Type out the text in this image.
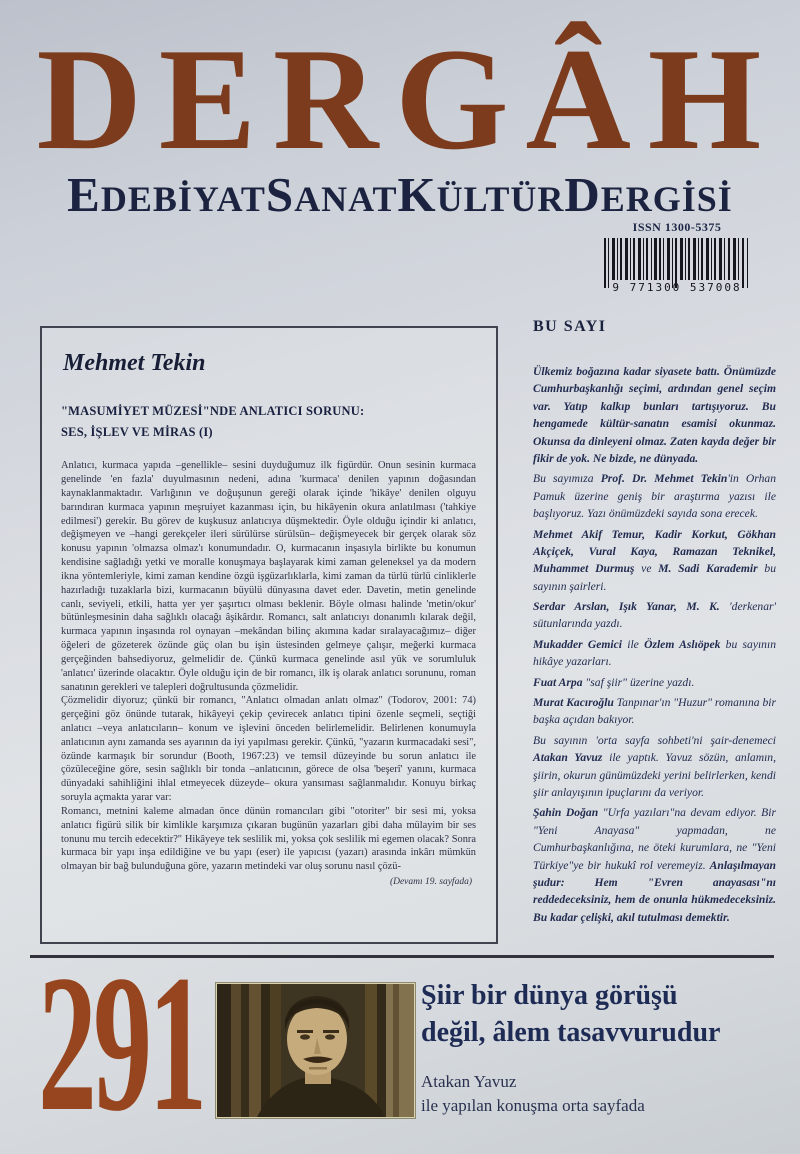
DERGÂH
EDEBİYATSANATKÜLTÜRDERGİSİ
ISSN 1300-5375
9 771300 537008
Mehmet Tekin
"MASUMİYET MÜZESİ"NDE ANLATICI SORUNU:
SES, İŞLEV VE MİRAS (I)

Anlatıcı, kurmaca yapıda –genellikle– sesini duyduğumuz ilk figürdür. Onun sesinin kurmaca genelinde 'en fazla' duyulmasının nedeni, adına 'kurmaca' denilen yapının doğasından kaynaklanmaktadır. Varlığının ve doğuşunun gereği olarak içinde 'hikâye' denilen olguyu barındıran kurmaca yapının meşruiyet kazanması için, bu hikâyenin okura anlatılması ('tahkiye edilmesi') gerekir. Bu görev de kuşkusuz anlatıcıya düşmektedir. Öyle olduğu içindir ki anlatıcı, değişmeyen ve –hangi gerekçeler ileri sürülürse sürülsün– değişmeyecek bir gerçek olarak söz konusu yapının 'olmazsa olmaz'ı konumundadır. O, kurmacanın inşasıyla birlikte bu konumun kendisine sağladığı yetki ve moralle konuşmaya başlayarak kimi zaman geleneksel ya da modern ikna yöntemleriyle, kimi zaman kendine özgü işgüzarlıklarla, kimi zaman da türlü türlü cinliklerle hazırladığı tuzaklarla bizi, kurmacanın büyülü dünyasına davet eder. Davetin, metin genelinde canlı, seviyeli, etkili, hatta yer yer şaşırtıcı olması beklenir. Böyle olması halinde 'metin/okur' bütünleşmesinin daha sağlıklı olacağı âşikârdır. Romancı, salt anlatıcıyı donanımlı kılarak değil, kurmaca yapının inşasında rol oynayan –mekândan bilinç akımına kadar sıralayacağımız– diğer öğeleri de gözeterek özünde güç olan bu işin üstesinden gelmeye çalışır, meğerki kurmaca gerçeğinden bahsediyoruz, gelmelidir de. Çünkü kurmaca genelinde asıl yük ve sorumluluk 'anlatıcı' üzerinde olacaktır. Öyle olduğu için de bir romancı, ilk iş olarak anlatıcı sorununu, roman sanatının gerekleri ve talepleri doğrultusunda çözmelidir.

Çözmelidir diyoruz; çünkü bir romancı, "Anlatıcı olmadan anlatı olmaz" (Todorov, 2001: 74) gerçeğini göz önünde tutarak, hikâyeyi çekip çevirecek anlatıcı tipini özenle seçmeli, seçtiği anlatıcı –veya anlatıcıların– konum ve işlevini önceden belirlemelidir. Belirlenen konumuyla anlatıcının aynı zamanda ses ayarının da iyi yapılması gerekir. Çünkü, "yazarın kurmacadaki sesi", özünde karmaşık bir sorundur (Booth, 1967:23) ve temsil düzeyinde bu sorun anlatıcı ile çözüleceğine göre, sesin sağlıklı bir tonda –anlatıcının, görece de olsa 'beşerî' yanını, kurmaca dünyadaki sahihliğini ihlal etmeyecek düzeyde– okura yansıması sağlanmalıdır. Konuyu birkaç soruyla açmakta yarar var:

Romancı, metnini kaleme almadan önce dünün romancıları gibi "otoriter" bir sesi mi, yoksa anlatıcı figürü silik bir kimlikle karşımıza çıkaran bugünün yazarları gibi daha mülayim bir ses tonunu mu tercih edecektir?" Hikâyeye tek seslilik mi, yoksa çok seslilik mi egemen olacak? Sonra kurmaca bir yapı inşa edildiğine ve bu yapı (eser) ile yapıcısı (yazarı) arasında inkârı mümkün olmayan bir bağ bulunduğuna göre, yazarın metindeki var oluş sorunu nasıl çözü-

(Devamı 19. sayfada)
BU SAYI

Ülkemiz boğazına kadar siyasete battı. Önümüzde Cumhurbaşkanlığı seçimi, ardından genel seçim var. Yatıp kalkıp bunları tartışıyoruz. Bu hengamede kültür-sanatın esamisi okunmaz. Okunsa da dinleyeni olmaz. Zaten kayda değer bir fikir de yok. Ne bizde, ne dünyada.

Bu sayımıza Prof. Dr. Mehmet Tekin'in Orhan Pamuk üzerine geniş bir araştırma yazısı ile başlıyoruz. Yazı önümüzdeki sayıda sona erecek.

Mehmet Akif Temur, Kadir Korkut, Gökhan Akçiçek, Vural Kaya, Ramazan Teknikel, Muhammet Durmuş ve M. Sadi Karademir bu sayının şairleri.

Serdar Arslan, Işık Yanar, M. K. 'derkenar' sütunlarında yazdı.

Mukadder Gemici ile Özlem Aslıöpek bu sayının hikâye yazarları.

Fuat Arpa "saf şiir" üzerine yazdı.

Murat Kacıroğlu Tanpınar'ın "Huzur" romanına bir başka açıdan bakıyor.

Bu sayının 'orta sayfa sohbeti'ni şair-denemeci Atakan Yavuz ile yaptık. Yavuz sözün, anlamın, şiirin, okurun günümüzdeki yerini belirlerken, kendi şiir anlayışının ipuçlarını da veriyor.

Şahin Doğan "Urfa yazıları"na devam ediyor. Bir "Yeni Anayasa" yapmadan, ne Cumhurbaşkanlığına, ne öteki kurumlara, ne "Yeni Türkiye"ye bir hukukî rol veremeyiz. Anlaşılmayan şudur: Hem "Evren anayasası"nı reddedeceksiniz, hem de onunla hükmedeceksiniz. Bu kadar çelişki, akıl tutulması demektir.

291	Şiir bir dünya görüşü
değil, âlem tasavvurudur
Atakan Yavuz
ile yapılan konuşma orta sayfada
